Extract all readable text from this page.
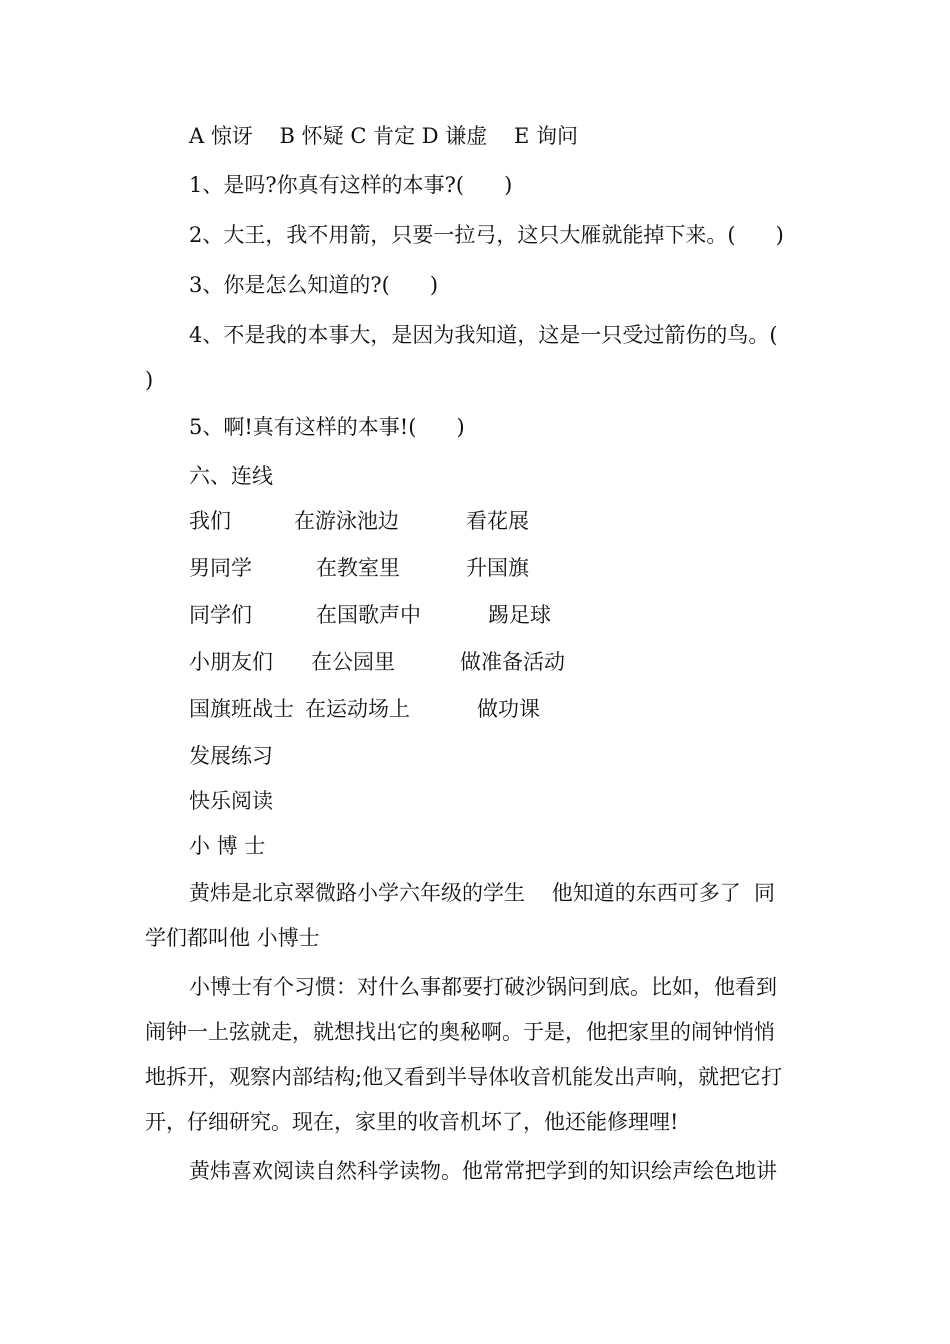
A 惊讶    B 怀疑 C 肯定 D 谦虚    E 询问

1、是吗?你真有这样的本事?(      )

2、大王，我不用箭，只要一拉弓，这只大雁就能掉下来。(      )

3、你是怎么知道的?(      )

4、不是我的本事大，是因为我知道，这是一只受过箭伤的鸟。(

)

5、啊!真有这样的本事!(      )

六、连线

我们	在游泳池边	看花展

男同学	在教室里	升国旗

同学们	在国歌声中	踢足球

小朋友们 在公园里	做准备活动

国旗班战士 在运动场上	做功课

发展练习

快乐阅读

小 博 士

黄炜是北京翠微路小学六年级的学生    他知道的东西可多了  同

学们都叫他 小博士

小博士有个习惯：对什么事都要打破沙锅问到底。比如，他看到

闹钟一上弦就走，就想找出它的奥秘啊。于是，他把家里的闹钟悄悄

地拆开，观察内部结构;他又看到半导体收音机能发出声响，就把它打

开，仔细研究。现在，家里的收音机坏了，他还能修理哩!

黄炜喜欢阅读自然科学读物。他常常把学到的知识绘声绘色地讲
